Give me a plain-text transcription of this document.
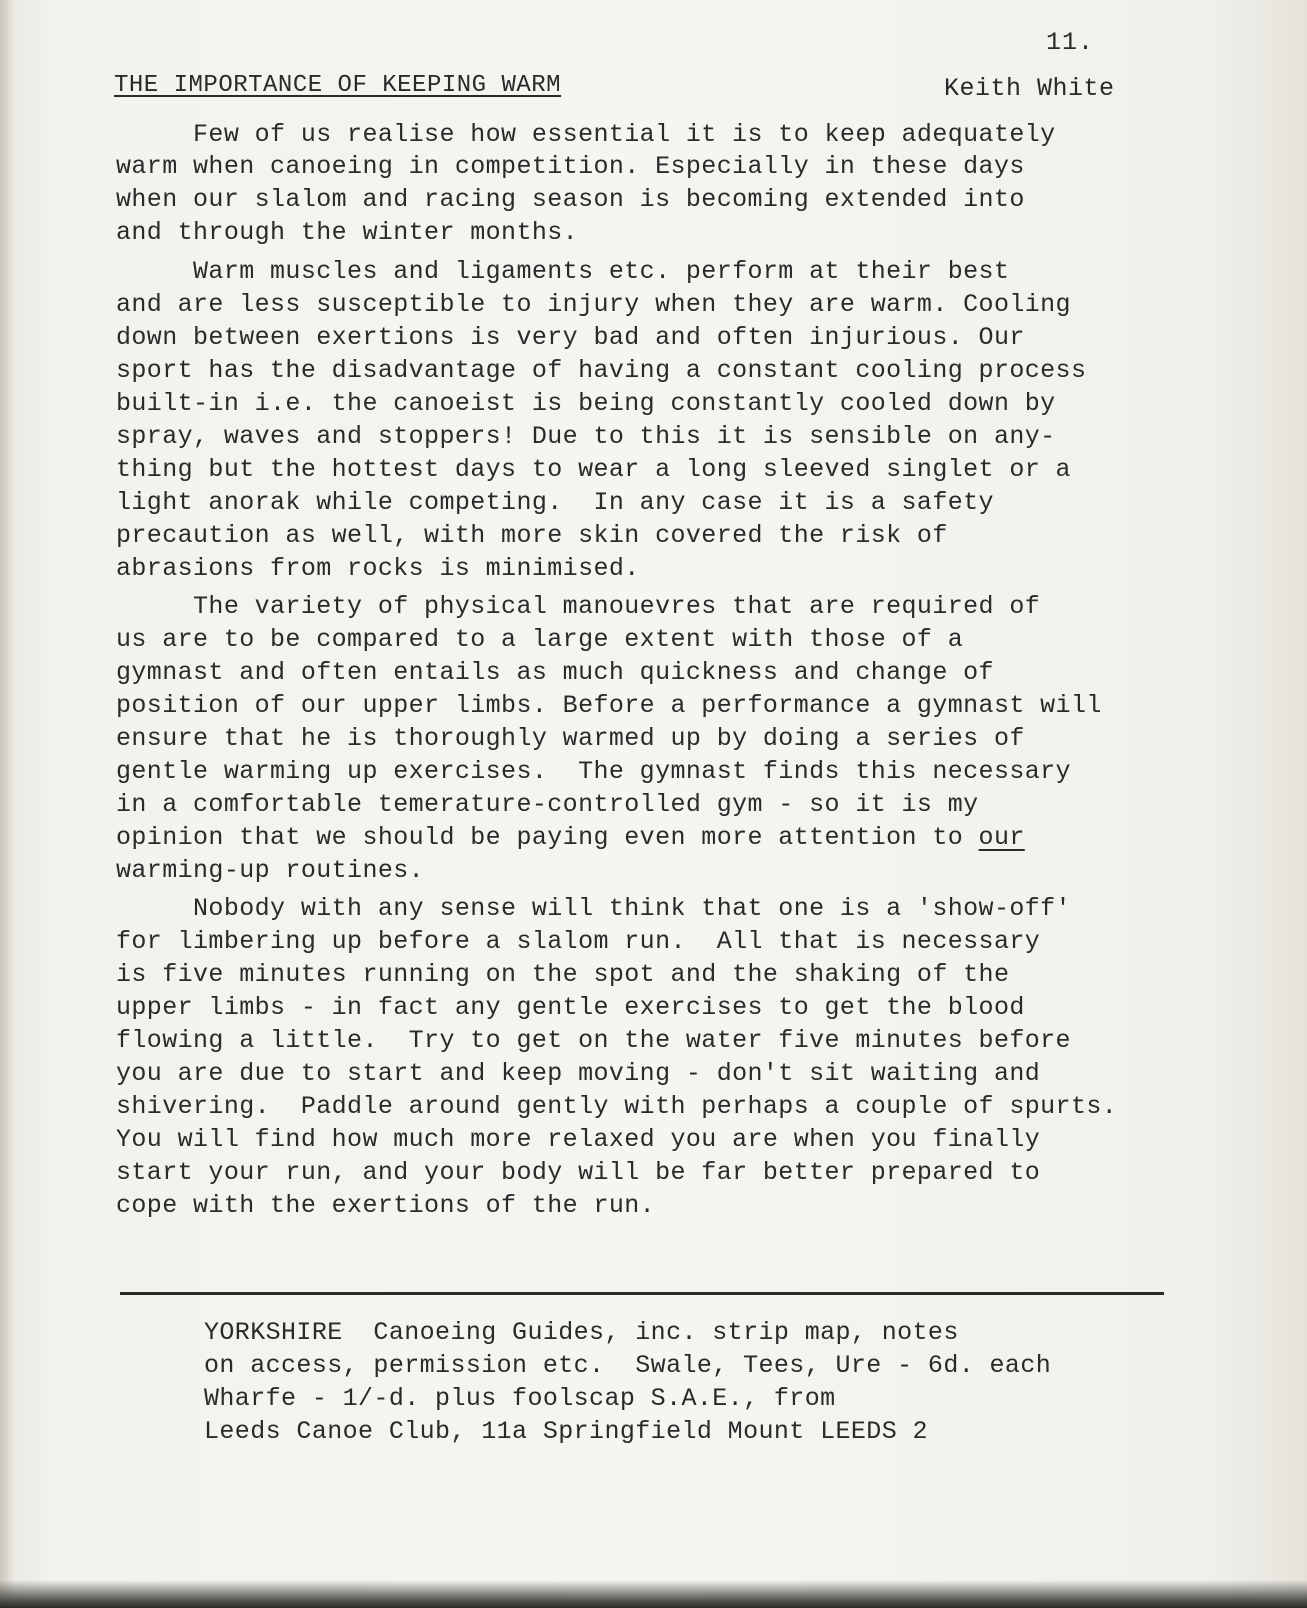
11.
THE IMPORTANCE OF KEEPING WARM	Keith White
Few of us realise how essential it is to keep adequately
warm when canoeing in competition. Especially in these days
when our slalom and racing season is becoming extended into
and through the winter months.
Warm muscles and ligaments etc. perform at their best
and are less susceptible to injury when they are warm. Cooling
down between exertions is very bad and often injurious. Our
sport has the disadvantage of having a constant cooling process
built-in i.e. the canoeist is being constantly cooled down by
spray, waves and stoppers! Due to this it is sensible on any-
thing but the hottest days to wear a long sleeved singlet or a
light anorak while competing.  In any case it is a safety
precaution as well, with more skin covered the risk of
abrasions from rocks is minimised.
The variety of physical manouevres that are required of
us are to be compared to a large extent with those of a
gymnast and often entails as much quickness and change of
position of our upper limbs. Before a performance a gymnast will
ensure that he is thoroughly warmed up by doing a series of
gentle warming up exercises.  The gymnast finds this necessary
in a comfortable temerature-controlled gym - so it is my
opinion that we should be paying even more attention to our
warming-up routines.
Nobody with any sense will think that one is a 'show-off'
for limbering up before a slalom run.  All that is necessary
is five minutes running on the spot and the shaking of the
upper limbs - in fact any gentle exercises to get the blood
flowing a little.  Try to get on the water five minutes before
you are due to start and keep moving - don't sit waiting and
shivering.  Paddle around gently with perhaps a couple of spurts.
You will find how much more relaxed you are when you finally
start your run, and your body will be far better prepared to
cope with the exertions of the run.
YORKSHIRE  Canoeing Guides, inc. strip map, notes
on access, permission etc.  Swale, Tees, Ure - 6d. each
Wharfe - 1/-d. plus foolscap S.A.E., from
Leeds Canoe Club, 11a Springfield Mount LEEDS 2
